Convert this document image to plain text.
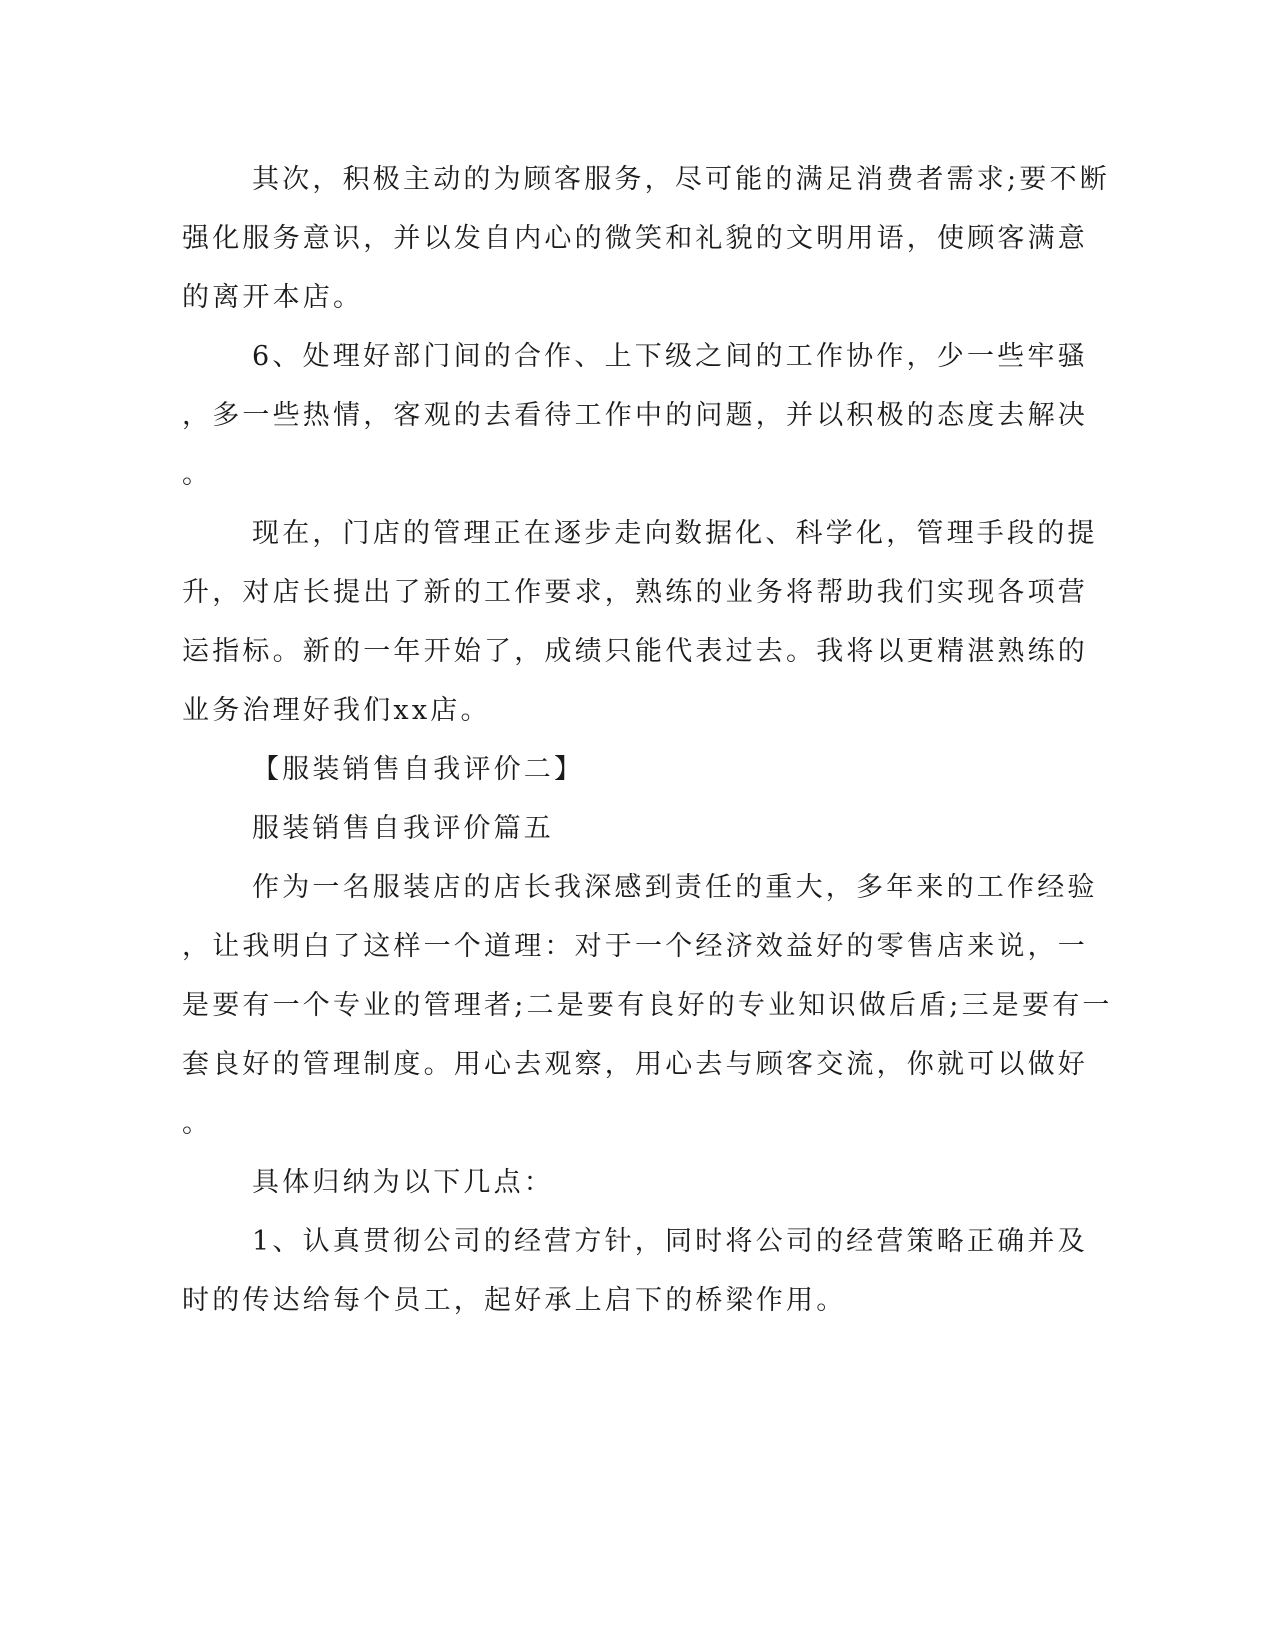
其次，积极主动的为顾客服务，尽可能的满足消费者需求;要不断
强化服务意识，并以发自内心的微笑和礼貌的文明用语，使顾客满意
的离开本店。
6、处理好部门间的合作、上下级之间的工作协作，少一些牢骚
，多一些热情，客观的去看待工作中的问题，并以积极的态度去解决
。
现在，门店的管理正在逐步走向数据化、科学化，管理手段的提
升，对店长提出了新的工作要求，熟练的业务将帮助我们实现各项营
运指标。新的一年开始了，成绩只能代表过去。我将以更精湛熟练的
业务治理好我们xx店。
【服装销售自我评价二】
服装销售自我评价篇五
作为一名服装店的店长我深感到责任的重大，多年来的工作经验
，让我明白了这样一个道理：对于一个经济效益好的零售店来说，一
是要有一个专业的管理者;二是要有良好的专业知识做后盾;三是要有一
套良好的管理制度。用心去观察，用心去与顾客交流，你就可以做好
。
具体归纳为以下几点：
1、认真贯彻公司的经营方针，同时将公司的经营策略正确并及
时的传达给每个员工，起好承上启下的桥梁作用。
